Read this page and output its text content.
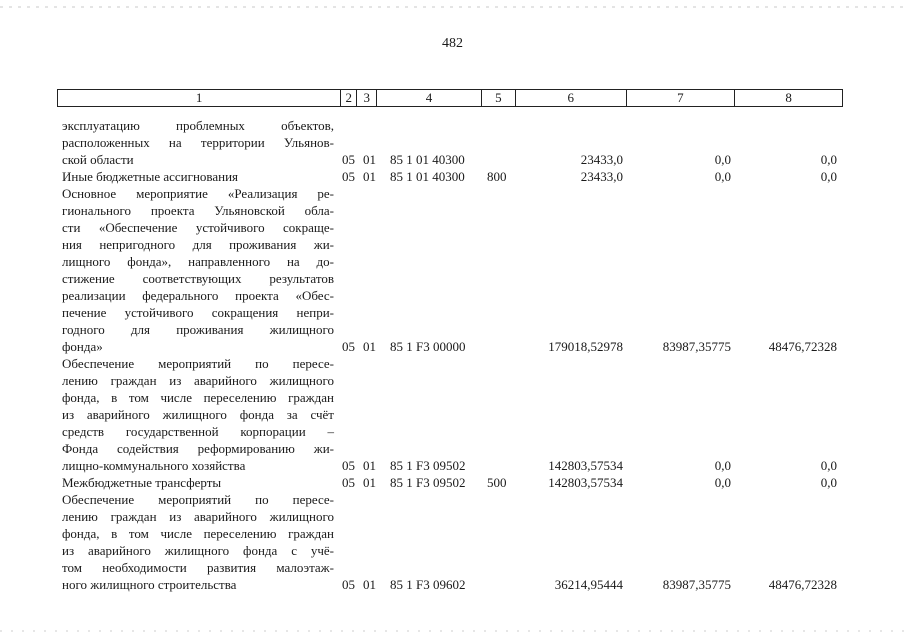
482
1	2 3	4	5	6	7	8
эксплуатацию проблемных объектов,
расположенных на территории Ульянов-
ской области	05 01 85 1 01 40300	23433,0	0,0	0,0
Иные бюджетные ассигнования	05 01 85 1 01 40300 800	23433,0	0,0	0,0
Основное мероприятие «Реализация ре-
гионального проекта Ульяновской обла-
сти «Обеспечение устойчивого сокраще-
ния непригодного для проживания жи-
лищного фонда», направленного на до-
стижение соответствующих результатов
реализации федерального проекта «Обес-
печение устойчивого сокращения непри-
годного для проживания жилищного
фонда»	05 01 85 1 F3 00000	179018,52978	83987,35775	48476,72328
Обеспечение мероприятий по пересе-
лению граждан из аварийного жилищного
фонда, в том числе переселению граждан
из аварийного жилищного фонда за счёт
средств государственной корпорации –
Фонда содействия реформированию жи-
лищно-коммунального хозяйства	05 01 85 1 F3 09502	142803,57534	0,0	0,0
Межбюджетные трансферты	05 01 85 1 F3 09502 500	142803,57534	0,0	0,0
Обеспечение мероприятий по пересе-
лению граждан из аварийного жилищного
фонда, в том числе переселению граждан
из аварийного жилищного фонда с учё-
том необходимости развития малоэтаж-
ного жилищного строительства	05 01 85 1 F3 09602	36214,95444	83987,35775	48476,72328
